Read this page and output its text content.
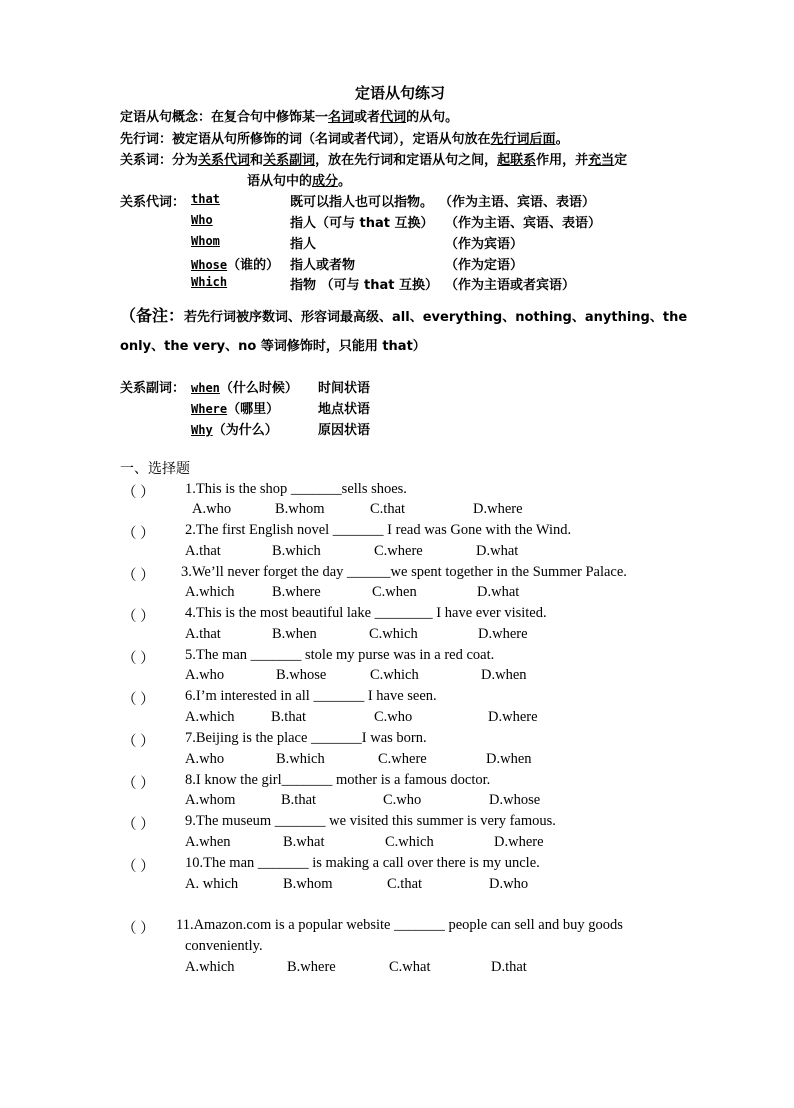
定语从句练习
定语从句概念：在复合句中修饰某一名词或者代词的从句。
先行词：被定语从句所修饰的词（名词或者代词），定语从句放在先行词后面。
关系词：分为关系代词和关系副词，放在先行词和定语从句之间，起联系作用，并充当定
语从句中的成分。
关系代词： that	既可以指人也可以指物。 （作为主语、宾语、表语）
Who	指人（可与 that 互换） （作为主语、宾语、表语）
Whom	指人	（作为宾语）
Whose（谁的） 指人或者物	（作为定语）
Which	指物 （可与 that 互换） （作为主语或者宾语）
（备注：若先行词被序数词、形容词最高级、all、everything、nothing、anything、the
only、the very、no 等词修饰时，只能用 that）
关系副词： when（什么时候） 时间状语
Where（哪里）	地点状语
Why（为什么）	原因状语
一、选择题
（ ） 1.This is the shop _______sells shoes.
A.who	B.whom	C.that	D.where
（ ） 2.The first English novel _______ I read was Gone with the Wind.
A.that	B.which	C.where	D.what
（ ） 3.We’ll never forget the day ______we spent together in the Summer Palace.
A.which	B.where	C.when	D.what
（ ） 4.This is the most beautiful lake ________ I have ever visited.
A.that	B.when	C.which	D.where
（ ） 5.The man _______ stole my purse was in a red coat.
A.who	B.whose	C.which	D.when
（ ） 6.I’m interested in all _______ I have seen.
A.which	B.that	C.who	D.where
（ ） 7.Beijing is the place _______I was born.
A.who	B.which	C.where	D.when
（ ） 8.I know the girl_______ mother is a famous doctor.
A.whom	B.that	C.who	D.whose
（ ） 9.The museum _______ we visited this summer is very famous.
A.when	B.what	C.which	D.where
（ ） 10.The man _______ is making a call over there is my uncle.
A. which	B.whom	C.that	D.who
（ ） 11.Amazon.com is a popular website _______ people can sell and buy goods
conveniently.
A.which	B.where	C.what	D.that
